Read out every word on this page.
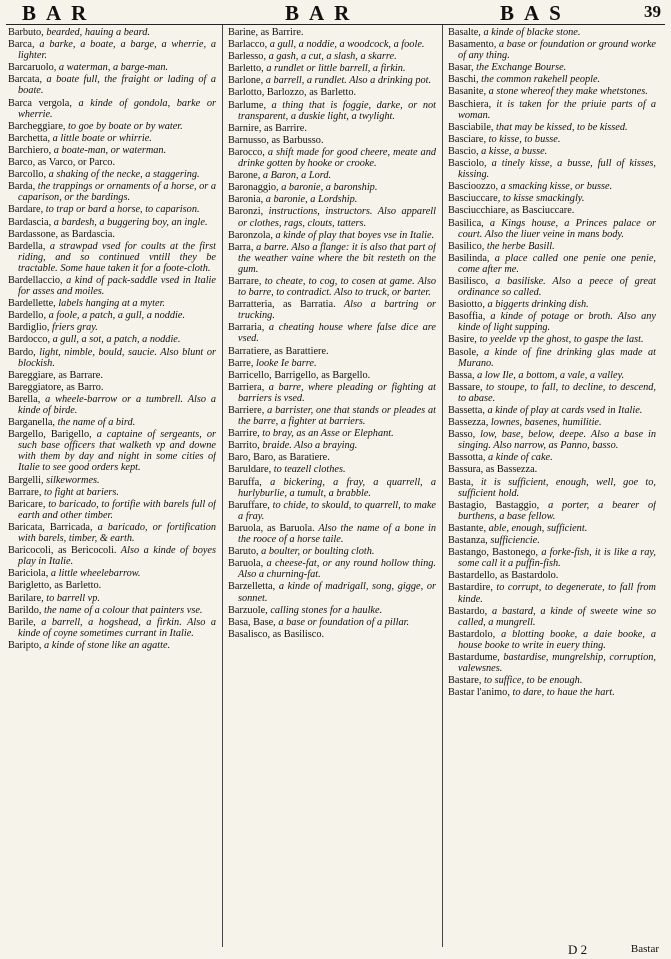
BAR	BAR	BAS	39

Barbuto, bearded, hauing a beard.

Barca, a barke, a boate, a barge, a wherrie, a lighter.

Barcaruolo, a waterman, a barge-man.

Barcata, a boate full, the fraight or lading of a boate.

Barca vergola, a kinde of gondola, barke or wherrie.

Barcheggiare, to goe by boate or by water.

Barchetta, a little boate or whirrie.

Barchiero, a boate-man, or waterman.

Barco, as Varco, or Parco.

Barcollo, a shaking of the necke, a staggering.

Barda, the trappings or ornaments of a horse, or a caparison, or the bardings.

Bardare, to trap or bard a horse, to caparison.

Bardascia, a bardesh, a buggering boy, an ingle.

Bardassone, as Bardascia.

Bardella, a strawpad vsed for coults at the first riding, and so continued vntill they be tractable. Some haue taken it for a foote-cloth.

Bardellaccio, a kind of pack-saddle vsed in Italie for asses and moiles.

Bardellette, labels hanging at a myter.

Bardello, a foole, a patch, a gull, a noddie.

Bardiglio, friers gray.

Bardocco, a gull, a sot, a patch, a noddie.

Bardo, light, nimble, bould, saucie. Also blunt or blockish.

Bareggiare, as Barrare.

Bareggiatore, as Barro.

Barella, a wheele-barrow or a tumbrell. Also a kinde of birde.

Barganella, the name of a bird.

Bargello, Barigello, a captaine of sergeants, or such base officers that walketh vp and downe with them by day and night in some cities of Italie to see good orders kept.

Bargelli, silkewormes.

Barrare, to fight at bariers.

Baricare, to baricado, to fortifie with barels full of earth and other timber.

Baricata, Barricada, a baricado, or fortification with barels, timber, & earth.

Baricocoli, as Bericocoli. Also a kinde of boyes play in Italie.

Bariciola, a little wheelebarrow.

Barigletto, as Barletto.

Barilare, to barrell vp.

Barildo, the name of a colour that painters vse.

Barile, a barrell, a hogshead, a firkin. Also a kinde of coyne sometimes currant in Italie.

Baripto, a kinde of stone like an agatte.

Barine, as Barrire.

Barlacco, a gull, a noddie, a woodcock, a foole.

Barlesso, a gash, a cut, a slash, a skarre.

Barletto, a rundlet or little barrell, a firkin.

Barlone, a barrell, a rundlet. Also a drinking pot.

Barlotto, Barlozzo, as Barletto.

Barlume, a thing that is foggie, darke, or not transparent, a duskie light, a twylight.

Barnire, as Barrire.

Barnusso, as Barbusso.

Barocco, a shift made for good cheere, meate and drinke gotten by hooke or crooke.

Barone, a Baron, a Lord.

Baronaggio, a baronie, a baronship.

Baronia, a baronie, a Lordship.

Baronzi, instructions, instructors. Also apparell or clothes, rags, clouts, tatters.

Baronzola, a kinde of play that boyes vse in Italie.

Barra, a barre. Also a flange: it is also that part of the weather vaine where the bit resteth on the gum.

Barrare, to cheate, to cog, to cosen at game. Also to barre, to contradict. Also to truck, or barter.

Barratteria, as Barratia. Also a bartring or trucking.

Barraria, a cheating house where false dice are vsed.

Barratiere, as Barattiere.

Barre, looke Ie barre.

Barricello, Barrigello, as Bargello.

Barriera, a barre, where pleading or fighting at barriers is vsed.

Barriere, a barrister, one that stands or pleades at the barre, a fighter at barriers.

Barrire, to bray, as an Asse or Elephant.

Barrito, braide. Also a braying.

Baro, Baro, as Baratiere.

Baruldare, to teazell clothes.

Baruffa, a bickering, a fray, a quarrell, a hurlyburlie, a tumult, a brabble.

Baruffare, to chide, to skould, to quarrell, to make a fray.

Baruola, as Baruola. Also the name of a bone in the rooce of a horse taile.

Baruto, a boulter, or boulting cloth.

Baruola, a cheese-fat, or any round hollow thing. Also a churning-fat.

Barzelletta, a kinde of madrigall, song, gigge, or sonnet.

Barzuole, calling stones for a haulke.

Basa, Base, a base or foundation of a pillar.

Basalisco, as Basilisco.

Basalte, a kinde of blacke stone.

Basamento, a base or foundation or ground worke of any thing.

Basar, the Exchange Bourse.

Baschi, the common rakehell people.

Basanite, a stone whereof they make whetstones.

Baschiera, it is taken for the priuie parts of a woman.

Basciabile, that may be kissed, to be kissed.

Basciare, to kisse, to busse.

Bascio, a kisse, a busse.

Basciolo, a tinely kisse, a busse, full of kisses, kissing.

Bascioozzo, a smacking kisse, or busse.

Basciuccare, to kisse smackingly.

Basciucchiare, as Basciuccare.

Basilica, a Kings house, a Princes palace or court. Also the liuer veine in mans body.

Basilico, the herbe Basill.

Basilinda, a place called one penie one penie, come after me.

Basilisco, a basiliske. Also a peece of great ordinance so called.

Basiotto, a biggerts drinking dish.

Basoffia, a kinde of potage or broth. Also any kinde of light supping.

Basire, to yeelde vp the ghost, to gaspe the last.

Basole, a kinde of fine drinking glas made at Murano.

Bassa, a low Ile, a bottom, a vale, a valley.

Bassare, to stoupe, to fall, to decline, to descend, to abase.

Bassetta, a kinde of play at cards vsed in Italie.

Bassezza, lownes, basenes, humilitie.

Basso, low, base, below, deepe. Also a base in singing. Also narrow, as Panno, basso.

Bassotta, a kinde of cake.

Bassura, as Bassezza.

Basta, it is sufficient, enough, well, goe to, sufficient hold.

Bastagio, Bastaggio, a porter, a bearer of burthens, a base fellow.

Bastante, able, enough, sufficient.

Bastanza, sufficiencie.

Bastango, Bastonego, a forke-fish, it is like a ray, some call it a puffin-fish.

Bastardello, as Bastardolo.

Bastardire, to corrupt, to degenerate, to fall from kinde.

Bastardo, a bastard, a kinde of sweete wine so called, a mungrell.

Bastardolo, a blotting booke, a daie booke, a house booke to write in euery thing.

Bastardume, bastardise, mungrelship, corruption, valewsnes.

Bastare, to suffice, to be enough.

Bastar l'animo, to dare, to haue the hart.

D 2	Bastar
